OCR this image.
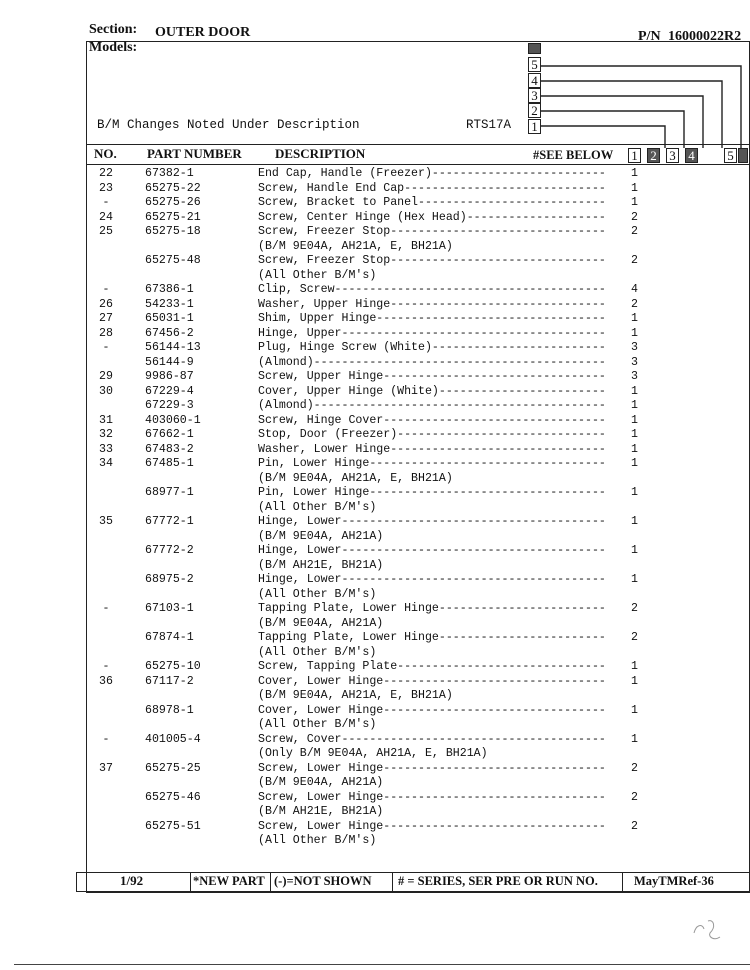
Section: OUTER DOOR	P/N 16000022R2
Models:
B/M Changes Noted Under Description	RTS17A
5
4
3
2
1
NO. PART NUMBER	DESCRIPTION	#SEE BELOW 1 2 3 4	5
22	67382-1	End Cap, Handle (Freezer)------------------------- 1
23	65275-22	Screw, Handle End Cap----------------------------- 1
-	65275-26	Screw, Bracket to Panel--------------------------- 1
24	65275-21	Screw, Center Hinge (Hex Head)-------------------- 2
25	65275-18	Screw, Freezer Stop------------------------------- 2
(B/M 9E04A, AH21A, E, BH21A)
65275-48	Screw, Freezer Stop------------------------------- 2
(All Other B/M's)
-	67386-1	Clip, Screw--------------------------------------- 4
26	54233-1	Washer, Upper Hinge------------------------------- 2
27	65031-1	Shim, Upper Hinge--------------------------------- 1
28	67456-2	Hinge, Upper-------------------------------------- 1
-	56144-13	Plug, Hinge Screw (White)------------------------- 3
56144-9	(Almond)------------------------------------------ 3
29	9986-87	Screw, Upper Hinge-------------------------------- 3
30	67229-4	Cover, Upper Hinge (White)------------------------ 1
67229-3	(Almond)------------------------------------------ 1
31	403060-1	Screw, Hinge Cover-------------------------------- 1
32	67662-1	Stop, Door (Freezer)------------------------------ 1
33	67483-2	Washer, Lower Hinge------------------------------- 1
34	67485-1	Pin, Lower Hinge---------------------------------- 1
(B/M 9E04A, AH21A, E, BH21A)
68977-1	Pin, Lower Hinge---------------------------------- 1
(All Other B/M's)
35	67772-1	Hinge, Lower-------------------------------------- 1
(B/M 9E04A, AH21A)
67772-2	Hinge, Lower-------------------------------------- 1
(B/M AH21E, BH21A)
68975-2	Hinge, Lower-------------------------------------- 1
(All Other B/M's)
-	67103-1	Tapping Plate, Lower Hinge------------------------ 2
(B/M 9E04A, AH21A)
67874-1	Tapping Plate, Lower Hinge------------------------ 2
(All Other B/M's)
-	65275-10	Screw, Tapping Plate------------------------------ 1
36	67117-2	Cover, Lower Hinge-------------------------------- 1
(B/M 9E04A, AH21A, E, BH21A)
68978-1	Cover, Lower Hinge-------------------------------- 1
(All Other B/M's)
-	401005-4	Screw, Cover-------------------------------------- 1
(Only B/M 9E04A, AH21A, E, BH21A)
37	65275-25	Screw, Lower Hinge-------------------------------- 2
(B/M 9E04A, AH21A)
65275-46	Screw, Lower Hinge-------------------------------- 2
(B/M AH21E, BH21A)
65275-51	Screw, Lower Hinge-------------------------------- 2
(All Other B/M's)
1/92	*NEW PART (-)=NOT SHOWN # = SERIES, SER PRE OR RUN NO.	MayTMRef-36
